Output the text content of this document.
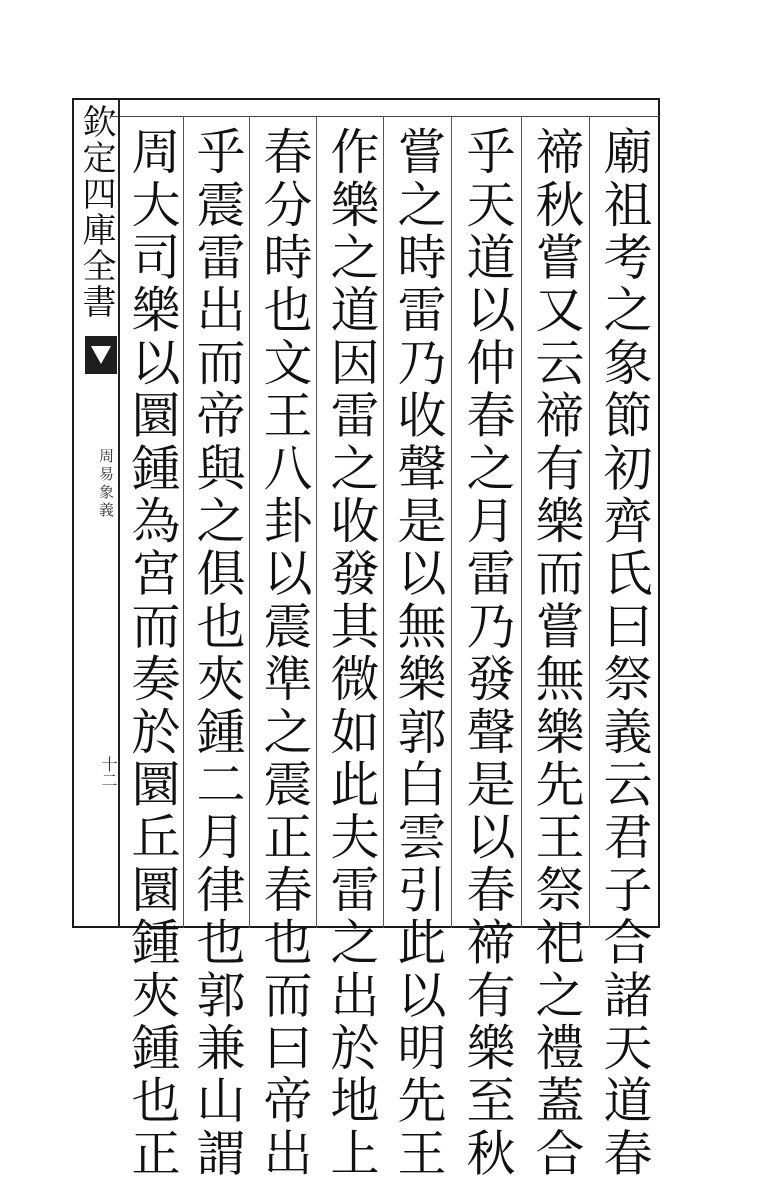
欽定四庫全書
周易象義
十二	廟祖考之象節初齊氏曰祭義云君子合諸天道春
禘秋嘗又云禘有樂而嘗無樂先王祭祀之禮蓋合
乎天道以仲春之月雷乃發聲是以春禘有樂至秋
嘗之時雷乃收聲是以無樂郭白雲引此以明先王
作樂之道因雷之收發其微如此夫雷之出於地上
春分時也文王八卦以震準之震正春也而曰帝出
乎震雷出而帝與之俱也夾鍾二月律也郭兼山謂
周大司樂以圜鍾為宮而奏於圜丘圜鍾夾鍾也正
